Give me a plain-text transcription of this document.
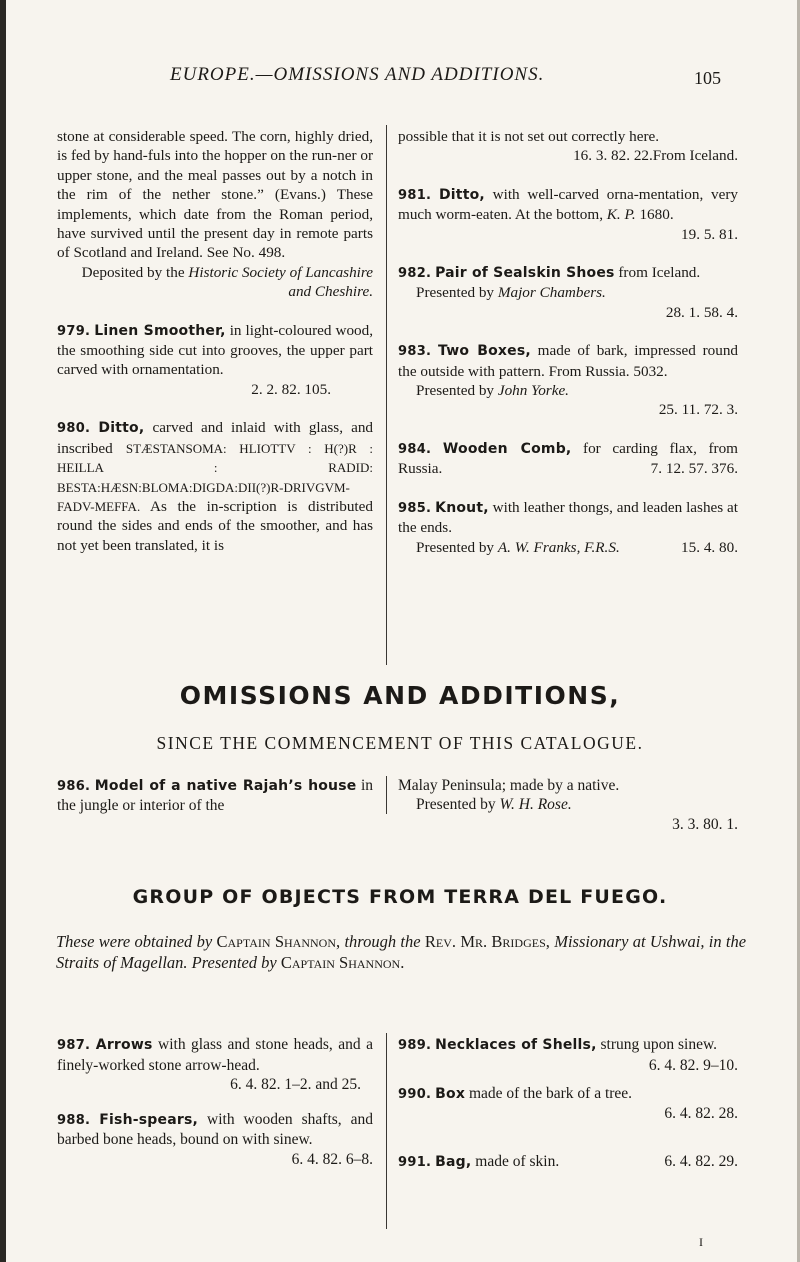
EUROPE.—OMISSIONS AND ADDITIONS.	105

stone at considerable speed. The corn, highly dried, is fed by hand-fuls into the hopper on the run-ner or upper stone, and the meal passes out by a notch in the rim of the nether stone.” (Evans.) These implements, which date from the Roman period, have survived until the present day in remote parts of Scotland and Ireland. See No. 498.

Deposited by the Historic Society of Lancashire and Cheshire.

979. Linen Smoother, in light-coloured wood, the smoothing side cut into grooves, the upper part carved with ornamentation.

2. 2. 82. 105.

980. Ditto, carved and inlaid with glass, and inscribed STÆSTANSOMA: HLIOTTV : H(?)R : HEILLA : RADID: BESTA:HÆSN:BLOMA:DIGDA:DII(?)R-DRIVGVM-FADV-MEFFA. As the in-scription is distributed round the sides and ends of the smoother, and has not yet been translated, it is

possible that it is not set out correctly here.
From Iceland.

16. 3. 82. 22.

981. Ditto, with well-carved orna-mentation, very much worm-eaten. At the bottom, K. P. 1680.

19. 5. 81.

982. Pair of Sealskin Shoes from Iceland.

Presented by Major Chambers.

28. 1. 58. 4.

983. Two Boxes, made of bark, impressed round the outside with pattern. From Russia. 5032.

Presented by John Yorke.

25. 11. 72. 3.

984. Wooden Comb, for carding flax, from Russia.	7. 12. 57. 376.

985. Knout, with leather thongs, and leaden lashes at the ends.

Presented by A. W. Franks, F.R.S.	15. 4. 80.

OMISSIONS AND ADDITIONS,
SINCE THE COMMENCEMENT OF THIS CATALOGUE.

986. Model of a native Rajah’s house in the jungle or interior of the

Malay Peninsula; made by a native.

Presented by W. H. Rose.

3. 3. 80. 1.

GROUP OF OBJECTS FROM TERRA DEL FUEGO.
These were obtained by Captain Shannon, through the Rev. Mr. Bridges, Missionary at Ushwai, in the Straits of Magellan. Presented by Captain Shannon.

987. Arrows with glass and stone heads, and a finely-worked stone arrow-head.

6. 4. 82. 1–2. and 25.

988. Fish-spears, with wooden shafts, and barbed bone heads, bound on with sinew.
6. 4. 82. 6–8.

989. Necklaces of Shells, strung upon sinew.
6. 4. 82. 9–10.

990. Box made of the bark of a tree.

6. 4. 82. 28.

991. Bag, made of skin.	6. 4. 82. 29.

I
